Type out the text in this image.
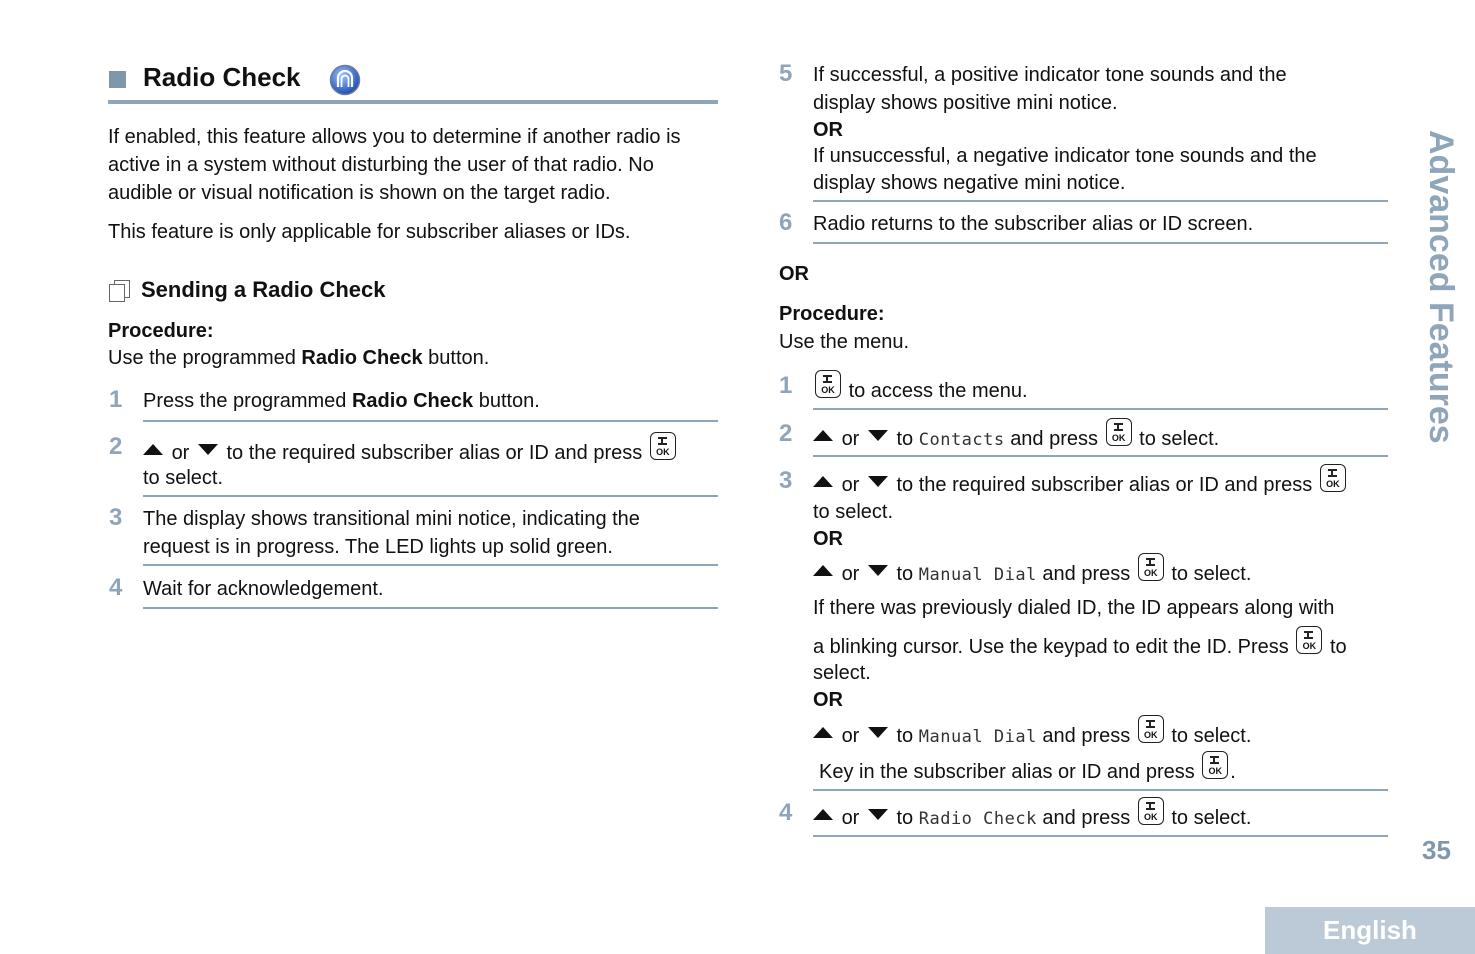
Radio Check
If enabled, this feature allows you to determine if another radio is active in a system without disturbing the user of that radio. No audible or visual notification is shown on the target radio.
This feature is only applicable for subscriber aliases or IDs.
Sending a Radio Check
Procedure:
Use the programmed Radio Check button.
1 Press the programmed Radio Check button.
2	or to the required subscriber alias or ID and press	OK
to select.
3 The display shows transitional mini notice, indicating the
request is in progress. The LED lights up solid green.
4 Wait for acknowledgement.
5 If successful, a positive indicator tone sounds and the
display shows positive mini notice.
OR
If unsuccessful, a negative indicator tone sounds and the
display shows negative mini notice.
6 Radio returns to the subscriber alias or ID screen.
OR
Procedure:
Use the menu.
1	OK to access the menu.
2	or to Contacts and press	OK to select.
3	or to the required subscriber alias or ID and press	OK
to select.
OR
or to Manual Dial and press	OK to select.
If there was previously dialed ID, the ID appears along with
a blinking cursor. Use the keypad to edit the ID. Press	OK to
select.
OR
or to Manual Dial and press	OK to select.
Key in the subscriber alias or ID and press	OK .
4	or to Radio Check and press	OK to select.
Advanced Features
35
English
